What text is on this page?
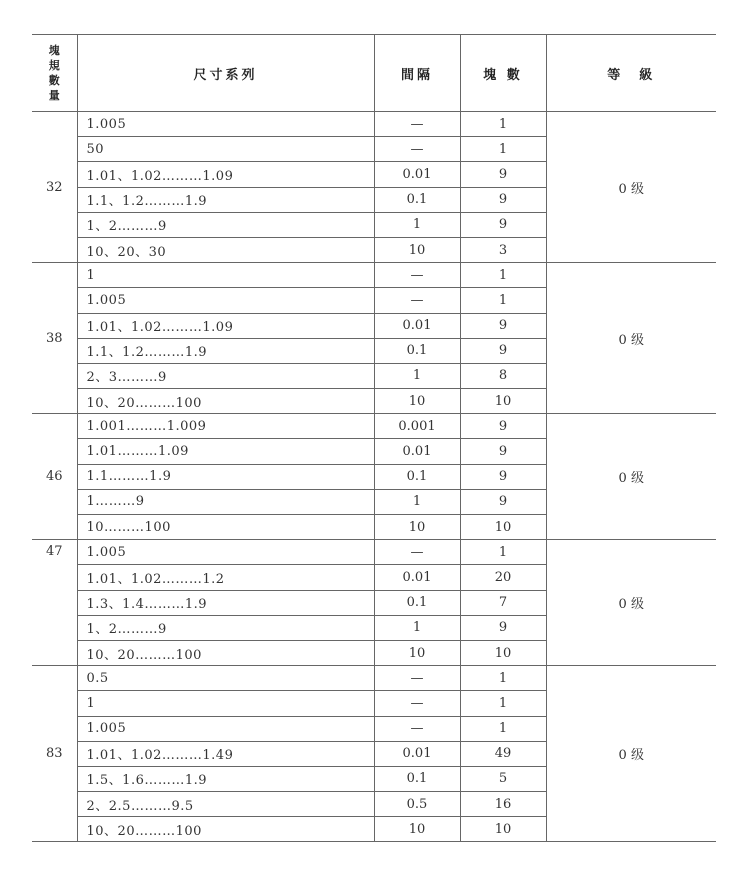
塊
規
數
量	尺寸系列	間隔	塊 數	等　級
32	1.005	—	1	0 级
	50	—	1	
	1.01、1.02………1.09	0.01	9	
	1.1、1.2………1.9	0.1	9	
	1、2………9	1	9	
	10、20、30	10	3	
38	1	—	1	0 级
	1.005	—	1	
	1.01、1.02………1.09	0.01	9	
	1.1、1.2………1.9	0.1	9	
	2、3………9	1	8	
	10、20………100	10	10	
46	1.001………1.009	0.001	9	0 级
	1.01………1.09	0.01	9	
	1.1………1.9	0.1	9	
	1………9	1	9	
	10………100	10	10	
47	1.005	—	1	0 级
	1.01、1.02………1.2	0.01	20	
	1.3、1.4………1.9	0.1	7	
	1、2………9	1	9	
	10、20………100	10	10	
83	0.5	—	1	0 级
	1	—	1	
	1.005	—	1	
	1.01、1.02………1.49	0.01	49	
	1.5、1.6………1.9	0.1	5	
	2、2.5………9.5	0.5	16	
	10、20………100	10	10	
